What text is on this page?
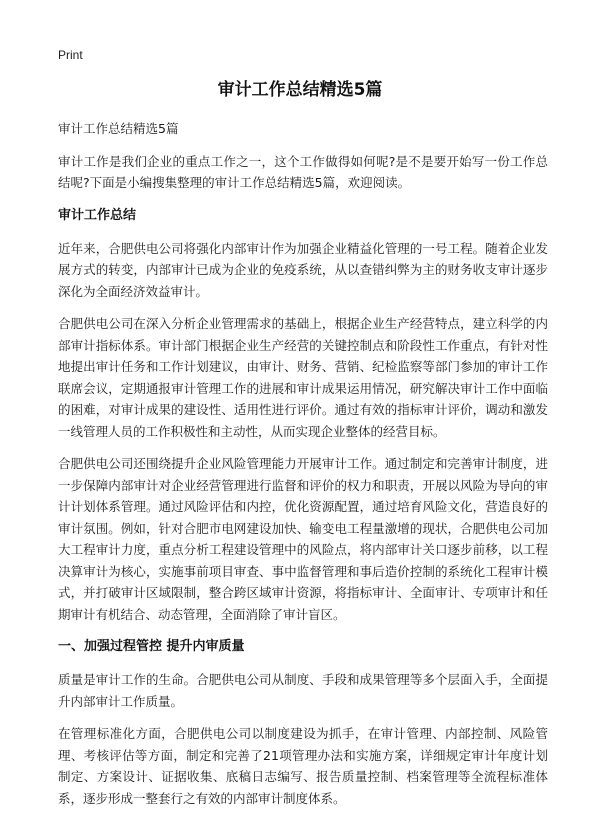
Print
审计工作总结精选5篇

审计工作总结精选5篇

审计工作是我们企业的重点工作之一，这个工作做得如何呢?是不是要开始写一份工作总结呢?下面是小编搜集整理的审计工作总结精选5篇，欢迎阅读。

审计工作总结

近年来，合肥供电公司将强化内部审计作为加强企业精益化管理的一号工程。随着企业发展方式的转变，内部审计已成为企业的免疫系统，从以查错纠弊为主的财务收支审计逐步深化为全面经济效益审计。

合肥供电公司在深入分析企业管理需求的基础上，根据企业生产经营特点，建立科学的内部审计指标体系。审计部门根据企业生产经营的关键控制点和阶段性工作重点，有针对性地提出审计任务和工作计划建议，由审计、财务、营销、纪检监察等部门参加的审计工作联席会议，定期通报审计管理工作的进展和审计成果运用情况，研究解决审计工作中面临的困难，对审计成果的建设性、适用性进行评价。通过有效的指标审计评价，调动和激发一线管理人员的工作积极性和主动性，从而实现企业整体的经营目标。

合肥供电公司还围绕提升企业风险管理能力开展审计工作。通过制定和完善审计制度，进一步保障内部审计对企业经营管理进行监督和评价的权力和职责，开展以风险为导向的审计计划体系管理。通过风险评估和内控，优化资源配置，通过培育风险文化，营造良好的审计氛围。例如，针对合肥市电网建设加快、输变电工程量激增的现状，合肥供电公司加大工程审计力度，重点分析工程建设管理中的风险点，将内部审计关口逐步前移，以工程决算审计为核心，实施事前项目审查、事中监督管理和事后造价控制的系统化工程审计模式，并打破审计区域限制，整合跨区域审计资源，将指标审计、全面审计、专项审计和任期审计有机结合、动态管理，全面消除了审计盲区。

一、加强过程管控 提升内审质量

质量是审计工作的生命。合肥供电公司从制度、手段和成果管理等多个层面入手，全面提升内部审计工作质量。

在管理标准化方面，合肥供电公司以制度建设为抓手，在审计管理、内部控制、风险管理、考核评估等方面，制定和完善了21项管理办法和实施方案，详细规定审计年度计划制定、方案设计、证据收集、底稿日志编写、报告质量控制、档案管理等全流程标准体系，逐步形成一整套行之有效的内部审计制度体系。
